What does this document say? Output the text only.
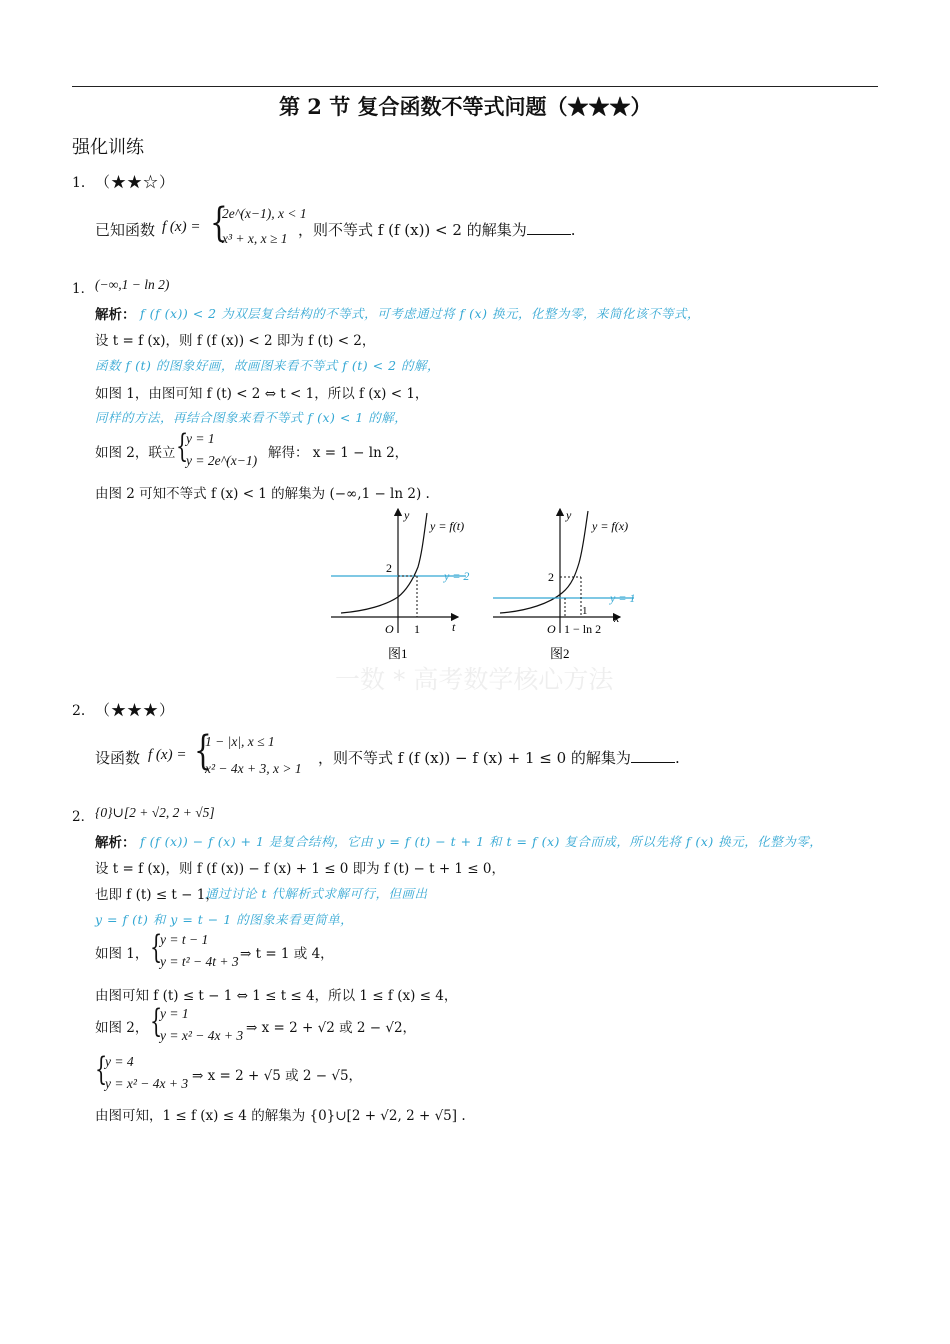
第 2 节 复合函数不等式问题（★★★）
强化训练
1． （★★☆）
已知函数 f (x) = {
2e^(x−1), x < 1
x³ + x, x ≥ 1 ，则不等式 f (f (x)) < 2 的解集为	.
1． (−∞,1 − ln 2)
解析： f (f (x)) < 2 为双层复合结构的不等式，可考虑通过将 f (x) 换元，化整为零，来简化该不等式，
设 t = f (x)，则 f (f (x)) < 2 即为 f (t) < 2，
函数 f (t) 的图象好画，故画图来看不等式 f (t) < 2 的解，
如图 1，由图可知 f (t) < 2 ⇔ t < 1，所以 f (x) < 1，
同样的方法，再结合图象来看不等式 f (x) < 1 的解，
如图 2，联立 {
y = 1
y = 2e^(x−1) 解得： x = 1 − ln 2，
由图 2 可知不等式 f (x) < 1 的解集为 (−∞,1 − ln 2) .
y
t
y = f(t)
y = 2
2
O 1
图1
y
x
y = f(x)
y = 1
2
1
O 1 − ln 2
图2
一数 * 高考数学核心方法
2． （★★★）
设函数 f (x) = {
1 − |x|, x ≤ 1
x² − 4x + 3, x > 1
，则不等式 f (f (x)) − f (x) + 1 ≤ 0 的解集为	.
2． {0}∪[2 + √2, 2 + √5]
解析： f (f (x)) − f (x) + 1 是复合结构，它由 y = f (t) − t + 1 和 t = f (x) 复合而成，所以先将 f (x) 换元，化整为零，
设 t = f (x)，则 f (f (x)) − f (x) + 1 ≤ 0 即为 f (t) − t + 1 ≤ 0，
也即 f (t) ≤ t − 1，
通过讨论 t 代解析式求解可行，但画出
y = f (t) 和 y = t − 1 的图象来看更简单，
如图 1， {
y = t − 1
y = t² − 4t + 3 ⇒ t = 1 或 4，
由图可知 f (t) ≤ t − 1 ⇔ 1 ≤ t ≤ 4，所以 1 ≤ f (x) ≤ 4，
如图 2， {
y = 1
y = x² − 4x + 3 ⇒ x = 2 + √2 或 2 − √2，
{
y = 4
y = x² − 4x + 3 ⇒ x = 2 + √5 或 2 − √5，
由图可知，1 ≤ f (x) ≤ 4 的解集为 {0}∪[2 + √2, 2 + √5] .
